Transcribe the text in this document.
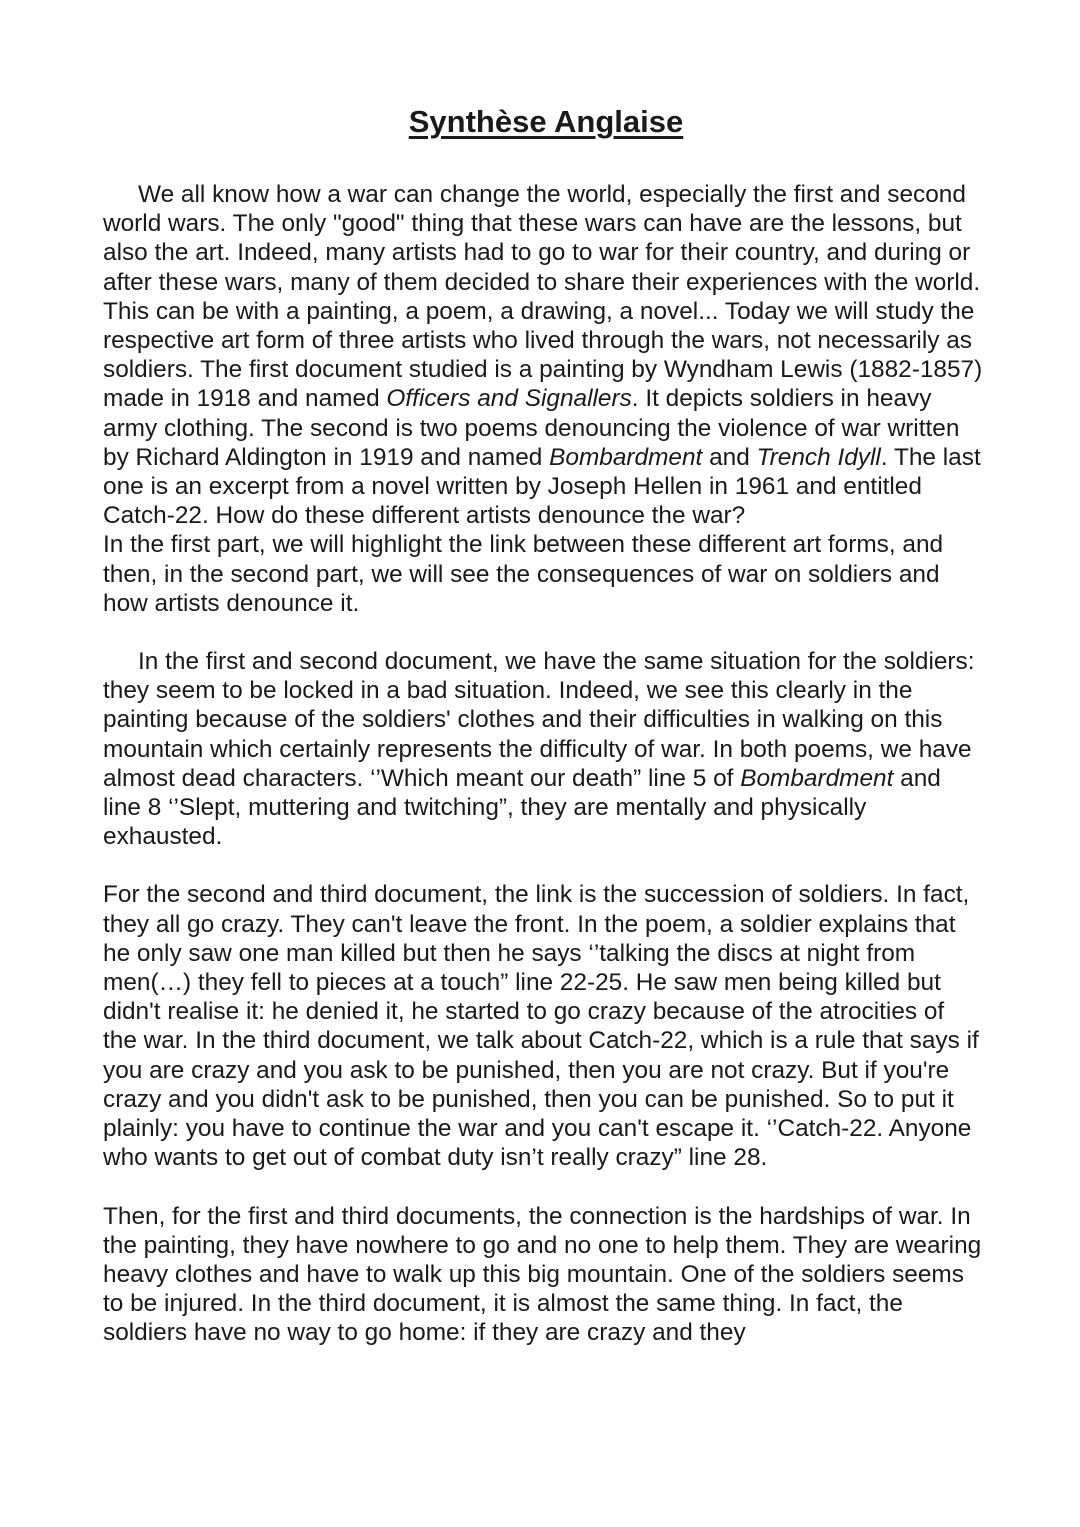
Synthèse Anglaise

We all know how a war can change the world, especially the first and second world wars. The only "good" thing that these wars can have are the lessons, but also the art. Indeed, many artists had to go to war for their country, and during or after these wars, many of them decided to share their experiences with the world. This can be with a painting, a poem, a drawing, a novel... Today we will study the respective art form of three artists who lived through the wars, not necessarily as soldiers. The first document studied is a painting by Wyndham Lewis (1882-1857) made in 1918 and named Officers and Signallers. It depicts soldiers in heavy army clothing. The second is two poems denouncing the violence of war written by Richard Aldington in 1919 and named Bombardment and Trench Idyll. The last one is an excerpt from a novel written by Joseph Hellen in 1961 and entitled Catch-22. How do these different artists denounce the war?

In the first part, we will highlight the link between these different art forms, and then, in the second part, we will see the consequences of war on soldiers and how artists denounce it.

In the first and second document, we have the same situation for the soldiers: they seem to be locked in a bad situation. Indeed, we see this clearly in the painting because of the soldiers' clothes and their difficulties in walking on this mountain which certainly represents the difficulty of war. In both poems, we have almost dead characters. ‘’Which meant our death” line 5 of Bombardment and line 8 ‘’Slept, muttering and twitching”, they are mentally and physically exhausted.

For the second and third document, the link is the succession of soldiers. In fact, they all go crazy. They can't leave the front. In the poem, a soldier explains that he only saw one man killed but then he says ‘’talking the discs at night from men(…) they fell to pieces at a touch” line 22-25. He saw men being killed but didn't realise it: he denied it, he started to go crazy because of the atrocities of the war. In the third document, we talk about Catch-22, which is a rule that says if you are crazy and you ask to be punished, then you are not crazy. But if you're crazy and you didn't ask to be punished, then you can be punished. So to put it plainly: you have to continue the war and you can't escape it. ‘’Catch-22. Anyone who wants to get out of combat duty isn’t really crazy” line 28.

Then, for the first and third documents, the connection is the hardships of war. In the painting, they have nowhere to go and no one to help them. They are wearing heavy clothes and have to walk up this big mountain. One of the soldiers seems to be injured. In the third document, it is almost the same thing. In fact, the soldiers have no way to go home: if they are crazy and they
